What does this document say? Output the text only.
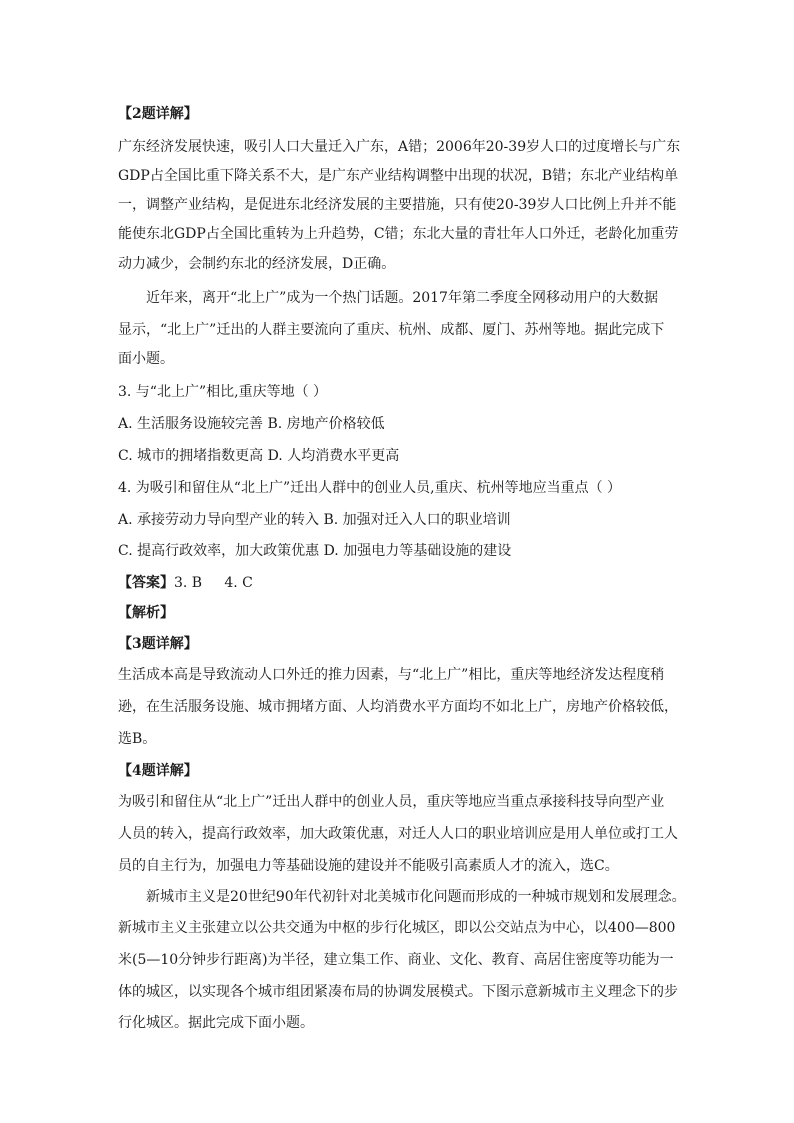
【2题详解】
广东经济发展快速，吸引人口大量迁入广东，A错；2006年20-39岁人口的过度增长与广东
GDP占全国比重下降关系不大，是广东产业结构调整中出现的状况，B错；东北产业结构单
一，调整产业结构，是促进东北经济发展的主要措施，只有使20-39岁人口比例上升并不能
能使东北GDP占全国比重转为上升趋势，C错；东北大量的青壮年人口外迁，老龄化加重劳
动力减少，会制约东北的经济发展，D正确。
近年来，离开“北上广”成为一个热门话题。2017年第二季度全网移动用户的大数据
显示，“北上广”迁出的人群主要流向了重庆、杭州、成都、厦门、苏州等地。据此完成下
面小题。
3. 与“北上广”相比,重庆等地（ ）
A. 生活服务设施较完善 B. 房地产价格较低
C. 城市的拥堵指数更高 D. 人均消费水平更高
4. 为吸引和留住从“北上广”迁出人群中的创业人员,重庆、杭州等地应当重点（ ）
A. 承接劳动力导向型产业的转入 B. 加强对迁入人口的职业培训
C. 提高行政效率，加大政策优惠 D. 加强电力等基础设施的建设
【答案】3. B     4. C
【解析】
【3题详解】
生活成本高是导致流动人口外迁的推力因素，与“北上广”相比，重庆等地经济发达程度稍
逊，在生活服务设施、城市拥堵方面、人均消费水平方面均不如北上广，房地产价格较低，
选B。
【4题详解】
为吸引和留住从“北上广”迁出人群中的创业人员，重庆等地应当重点承接科技导向型产业
人员的转入，提高行政效率，加大政策优惠，对迁人人口的职业培训应是用人单位或打工人
员的自主行为，加强电力等基础设施的建设并不能吸引高素质人才的流入，选C。
新城市主义是20世纪90年代初针对北美城市化问题而形成的一种城市规划和发展理念。
新城市主义主张建立以公共交通为中枢的步行化城区，即以公交站点为中心，以400—800
米(5—10分钟步行距离)为半径，建立集工作、商业、文化、教育、高居住密度等功能为一
体的城区，以实现各个城市组团紧凑布局的协调发展模式。下图示意新城市主义理念下的步
行化城区。据此完成下面小题。
